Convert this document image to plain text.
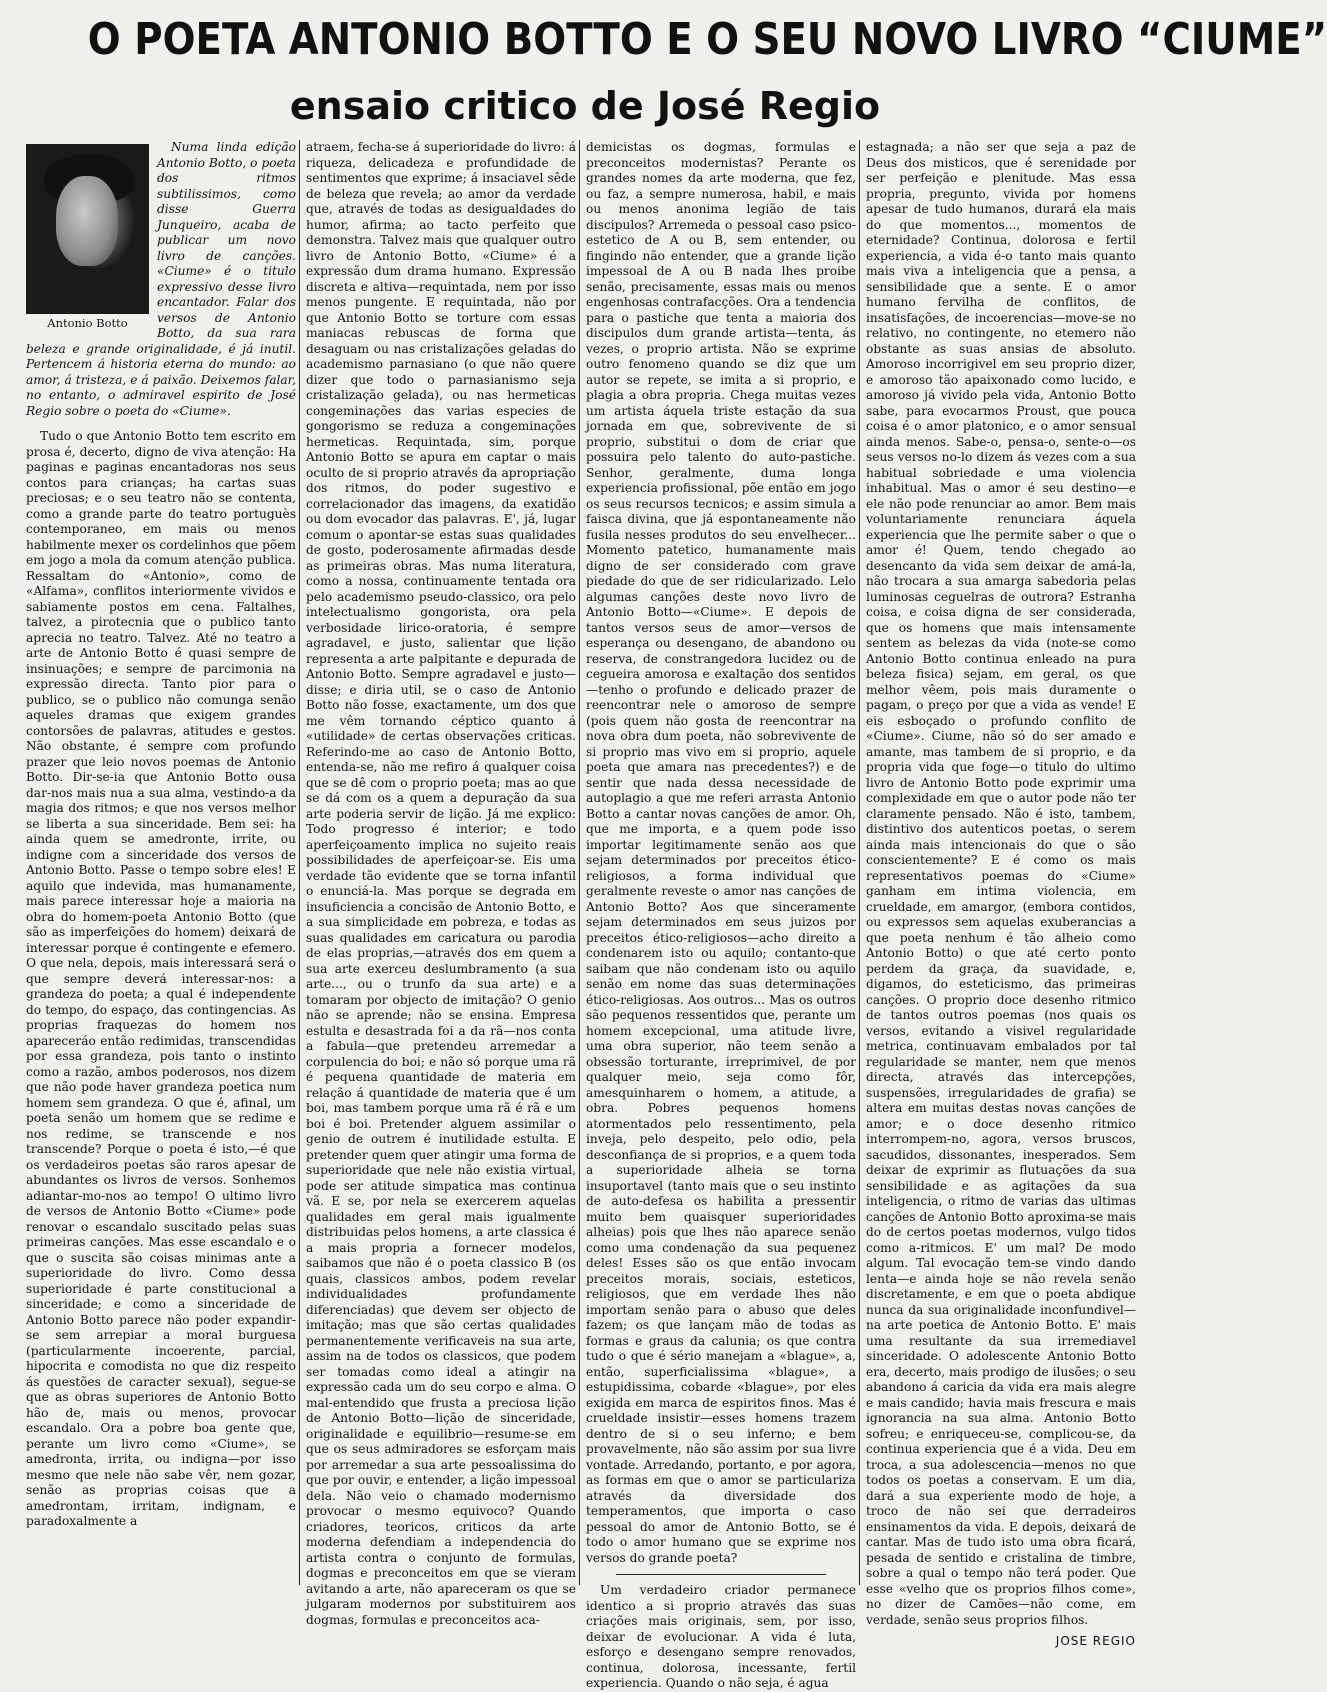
O POETA ANTONIO BOTTO E O SEU NOVO LIVRO “CIUME”
ensaio critico de José Regio
Antonio Botto

Numa linda edição Antonio Botto, o poeta dos ritmos subtilissimos, como disse Guerra Junqueiro, acaba de publicar um novo livro de canções. «Ciume» é o titulo expressivo desse livro encantador. Falar dos versos de Antonio Botto, da sua rara beleza e grande originalidade, é já inutil. Pertencem á historia eterna do mundo: ao amor, á tristeza, e á paixão. Deixemos falar, no entanto, o admiravel espirito de José Regio sobre o poeta do «Ciume».

Tudo o que Antonio Botto tem escrito em prosa é, decerto, digno de viva atenção: Ha paginas e paginas encantadoras nos seus contos para crianças; ha cartas suas preciosas; e o seu teatro não se contenta, como a grande parte do teatro portuguès contemporaneo, em mais ou menos habilmente mexer os cordelinhos que põem em jogo a mola da comum atenção publica. Ressaltam do «Antonio», como de «Alfama», conflitos interiormente vividos e sabiamente postos em cena. Faltalhes, talvez, a pirotecnia que o publico tanto aprecia no teatro. Talvez. Até no teatro a arte de Antonio Botto é quasi sempre de insinuações; e sempre de parcimonia na expressão directa. Tanto pior para o publico, se o publico não comunga senão aqueles dramas que exigem grandes contorsões de palavras, atitudes e gestos. Não obstante, é sempre com profundo prazer que leio novos poemas de Antonio Botto. Dir-se-ia que Antonio Botto ousa dar-nos mais nua a sua alma, vestindo-a da magia dos ritmos; e que nos versos melhor se liberta a sua sinceridade. Bem sei: ha ainda quem se amedronte, irrite, ou indigne com a sinceridade dos versos de Antonio Botto. Passe o tempo sobre eles! E aquilo que indevida, mas humanamente, mais parece interessar hoje a maioria na obra do homem-poeta Antonio Botto (que são as imperfeições do homem) deixará de interessar porque é contingente e efemero. O que nela, depois, mais interessará será o que sempre deverá interessar-nos: a grandeza do poeta; a qual é independente do tempo, do espaço, das contingencias. As proprias fraquezas do homem nos apareceráo então redimidas, transcendidas por essa grandeza, pois tanto o instinto como a razão, ambos poderosos, nos dizem que não pode haver grandeza poetica num homem sem grandeza. O que é, afinal, um poeta senão um homem que se redime e nos redime, se transcende e nos transcende? Porque o poeta é isto,—é que os verdadeiros poetas são raros apesar de abundantes os livros de versos. Sonhemos adiantar-mo-nos ao tempo! O ultimo livro de versos de Antonio Botto «Ciume» pode renovar o escandalo suscitado pelas suas primeiras canções. Mas esse escandalo e o que o suscita são coisas minimas ante a superioridade do livro. Como dessa superioridade é parte constitucional a sinceridade; e como a sinceridade de Antonio Botto parece não poder expandir-se sem arrepiar a moral burguesa (particularmente incoerente, parcial, hipocrita e comodista no que diz respeito ás questões de caracter sexual), segue-se que as obras superiores de Antonio Botto hão de, mais ou menos, provocar escandalo. Ora a pobre boa gente que, perante um livro como «Ciume», se amedronta, irrita, ou indigna—por isso mesmo que nele não sabe vêr, nem gozar, senão as proprias coisas que a amedrontam, irritam, indignam, e paradoxalmente a

atraem, fecha-se á superioridade do livro: á riqueza, delicadeza e profundidade de sentimentos que exprime; á insaciavel sêde de beleza que revela; ao amor da verdade que, através de todas as desigualdades do humor, afirma; ao tacto perfeito que demonstra. Talvez mais que qualquer outro livro de Antonio Botto, «Ciume» é a expressão dum drama humano. Expressão discreta e altiva—requintada, nem por isso menos pungente. E requintada, não por que Antonio Botto se torture com essas maniacas rebuscas de forma que desaguam ou nas cristalizações geladas do academismo parnasiano (o que não quere dizer que todo o parnasianismo seja cristalização gelada), ou nas hermeticas congeminações das varias especies de gongorismo se reduza a congeminações hermeticas. Requintada, sim, porque Antonio Botto se apura em captar o mais oculto de si proprio através da apropriação dos ritmos, do poder sugestivo e correlacionador das imagens, da exatidão ou dom evocador das palavras. E', já, lugar comum o apontar-se estas suas qualidades de gosto, poderosamente afirmadas desde as primeiras obras. Mas numa literatura, como a nossa, continuamente tentada ora pelo academismo pseudo-classico, ora pelo intelectualismo gongorista, ora pela verbosidade lirico-oratoria, é sempre agradavel, e justo, salientar que lição representa a arte palpitante e depurada de Antonio Botto. Sempre agradavel e justo—disse; e diria util, se o caso de Antonio Botto não fosse, exactamente, um dos que me vêm tornando céptico quanto á «utilidade» de certas observações criticas. Referindo-me ao caso de Antonio Botto, entenda-se, não me refiro á qualquer coisa que se dê com o proprio poeta; mas ao que se dá com os a quem a depuração da sua arte poderia servir de lição. Já me explico: Todo progresso é interior; e todo aperfeiçoamento implica no sujeito reais possibilidades de aperfeiçoar-se. Eis uma verdade tão evidente que se torna infantil o enunciá-la. Mas porque se degrada em insuficiencia a concisão de Antonio Botto, e a sua simplicidade em pobreza, e todas as suas qualidades em caricatura ou parodia de elas proprias,—através dos em quem a sua arte exerceu deslumbramento (a sua arte..., ou o trunfo da sua arte) e a tomaram por objecto de imitação? O genio não se aprende; não se ensina. Empresa estulta e desastrada foi a da rã—nos conta a fabula—que pretendeu arremedar a corpulencia do boi; e não só porque uma rã é pequena quantidade de materia em relação á quantidade de materia que é um boi, mas tambem porque uma rã é rã e um boi é boi. Pretender alguem assimilar o genio de outrem é inutilidade estulta. E pretender quem quer atingir uma forma de superioridade que nele não existia virtual, pode ser atitude simpatica mas continua vã. E se, por nela se exercerem aquelas qualidades em geral mais igualmente distribuidas pelos homens, a arte classica é a mais propria a fornecer modelos, saibamos que não é o poeta classico B (os quais, classicos ambos, podem revelar individualidades profundamente diferenciadas) que devem ser objecto de imitação; mas que são certas qualidades permanentemente verificaveis na sua arte, assim na de todos os classicos, que podem ser tomadas como ideal a atingir na expressão cada um do seu corpo e alma. O mal-entendido que frusta a preciosa lição de Antonio Botto—lição de sinceridade, originalidade e equilibrio—resume-se em que os seus admiradores se esforçam mais por arremedar a sua arte pessoalissima do que por ouvir, e entender, a lição impessoal dela. Não veio o chamado modernismo provocar o mesmo equivoco? Quando criadores, teoricos, criticos da arte moderna defendiam a independencia do artista contra o conjunto de formulas, dogmas e preconceitos em que se vieram avitando a arte, não apareceram os que se julgaram modernos por substituirem aos dogmas, formulas e preconceitos aca-

demicistas os dogmas, formulas e preconceitos modernistas? Perante os grandes nomes da arte moderna, que fez, ou faz, a sempre numerosa, habil, e mais ou menos anonima legião de tais discipulos? Arremeda o pessoal caso psico-estetico de A ou B, sem entender, ou fingindo não entender, que a grande lição impessoal de A ou B nada lhes proibe senão, precisamente, essas mais ou menos engenhosas contrafacções. Ora a tendencia para o pastiche que tenta a maioria dos discipulos dum grande artista—tenta, ás vezes, o proprio artista. Não se exprime outro fenomeno quando se diz que um autor se repete, se imita a si proprio, e plagia a obra propria. Chega muitas vezes um artista áquela triste estação da sua jornada em que, sobrevivente de si proprio, substitui o dom de criar que possuira pelo talento do auto-pastiche. Senhor, geralmente, duma longa experiencia profissional, põe então em jogo os seus recursos tecnicos; e assim simula a faisca divina, que já espontaneamente não fusila nesses produtos do seu envelhecer... Momento pateticо, humanamente mais digno de ser considerado com grave piedade do que de ser ridicularizado. Lelo algumas canções deste novo livro de Antonio Botto—«Ciume». E depois de tantos versos seus de amor—versos de esperança ou desengano, de abandono ou reserva, de constrangedora lucidez ou de cegueira amorosa e exaltação dos sentidos—tenho o profundo e delicado prazer de reencontrar nele o amoroso de sempre (pois quem não gosta de reencontrar na nova obra dum poeta, não sobrevivente de si proprio mas vivo em si proprio, aquele poeta que amara nas precedentes?) e de sentir que nada dessa necessidade de autoplagio a que me referi arrasta Antonio Botto a cantar novas canções de amor. Oh, que me importa, e a quem pode isso importar legitimamente senão aos que sejam determinados por preceitos ético-religiosos, a forma individual que geralmente reveste o amor nas canções de Antonio Botto? Aos que sinceramente sejam determinados em seus juizos por preceitos ético-religiosos—acho direito a condenarem isto ou aquilo; contanto-que saibam que não condenam isto ou aquilo senão em nome das suas determinações ético-religiosas. Aos outros... Mas os outros são pequenos ressentidos que, perante um homem excepcional, uma atitude livre, uma obra superior, não teem senão a obsessão torturante, irreprimivel, de por qualquer meio, seja como fôr, amesquinharem o homem, a atitude, a obra. Pobres pequenos homens atormentados pelo ressentimento, pela inveja, pelo despeito, pelo odio, pela desconfiança de si proprios, e a quem toda a superioridade alheia se torna insuportavel (tanto mais que o seu instinto de auto-defesa os habilita a pressentir muito bem quaisquer superioridades alheias) pois que lhes não aparece senão como uma condenação da sua pequenez deles! Esses são os que então invocam preceitos morais, sociais, esteticos, religiosos, que em verdade lhes não importam senão para o abuso que deles fazem; os que lançam mão de todas as formas e graus da calunia; os que contra tudo o que é sério manejam a «blague», a, então, superficialissima «blague», a estupidissima, cobarde «blague», por eles exigida em marca de espiritos finos. Mas é crueldade insistir—esses homens trazem dentro de si o seu inferno; e bem provavelmente, não são assim por sua livre vontade. Arredando, portanto, e por agora, as formas em que o amor se particulariza através da diversidade dos temperamentos, que importa o caso pessoal do amor de Antonio Botto, se é todo o amor humano que se exprime nos versos do grande poeta?

Um verdadeiro criador permanece identico a si proprio através das suas criações mais originais, sem, por isso, deixar de evolucionar. A vida é luta, esforço e desengano sempre renovados, continua, dolorosa, incessante, fertil experiencia. Quando o não seja, é agua

estagnada; a não ser que seja a paz de Deus dos misticos, que é serenidade por ser perfeição e plenitude. Mas essa propria, pregunto, vivida por homens apesar de tudo humanos, durará ela mais do que momentos..., momentos de eternidade? Continua, dolorosa e fertil experiencia, a vida é-o tanto mais quanto mais viva a inteligencia que a pensa, a sensibilidade que a sente. E o amor humano fervilha de conflitos, de insatisfações, de incoerencias—move-se no relativo, no contingente, no etemero não obstante as suas ansias de absoluto. Amoroso incorrigivel em seu proprio dizer, e amoroso tão apaixonado como lucido, e amoroso já vivido pela vida, Antonio Botto sabe, para evocarmos Proust, que pouca coisa é o amor platonico, e o amor sensual ainda menos. Sabe-o, pensa-o, sente-o—os seus versos no-lo dizem ás vezes com a sua habitual sobriedade e uma violencia inhabitual. Mas o amor é seu destino—e ele não pode renunciar ao amor. Bem mais voluntariamente renunciara áquela experiencia que lhe permite saber o que o amor é! Quem, tendo chegado ao desencanto da vida sem deixar de amá-la, não trocara a sua amarga sabedoria pelas luminosas ceguelras de outrora? Estranha coisa, e coisa digna de ser considerada, que os homens que mais intensamente sentem as belezas da vida (note-se como Antonio Botto continua enleado na pura beleza fisica) sejam, em geral, os que melhor vêem, pois mais duramente o pagam, o preço por que a vida as vende! E eis esboçado o profundo conflito de «Ciume». Ciume, não só do ser amado e amante, mas tambem de si proprio, e da propria vida que foge—o titulo do ultimo livro de Antonio Botto pode exprimir uma complexidade em que o autor pode não ter claramente pensado. Não é isto, tambem, distintivo dos autenticos poetas, o serem ainda mais intencionais do que o são conscientemente? E é como os mais representativos poemas do «Ciume» ganham em intima violencia, em crueldade, em amargor, (embora contidos, ou expressos sem aquelas exuberancias a que poeta nenhum é tão alheio como Antonio Botto) o que até certo ponto perdem da graça, da suavidade, e, digamos, do esteticismo, das primeiras canções. O proprio doce desenho ritmico de tantos outros poemas (nos quais os versos, evitando a visivel regularidade metrica, continuavam embalados por tal regularidade se manter, nem que menos directa, através das intercepções, suspensões, irregularidades de grafia) se altera em muitas destas novas canções de amor; e o doce desenho ritmico interrompem-no, agora, versos bruscos, sacudidos, dissonantes, inesperados. Sem deixar de exprimir as flutuações da sua sensibilidade e as agitações da sua inteligencia, o ritmo de varias das ultimas canções de Antonio Botto aproxima-se mais do de certos poetas modernos, vulgo tidos como a-ritmicos. E' um mal? De modo algum. Tal evocação tem-se vindo dando lenta—e ainda hoje se não revela senão discretamente, e em que o poeta abdique nunca da sua originalidade inconfundivel—na arte poetica de Antonio Botto. E' mais uma resultante da sua irremediavel sinceridade. O adolescente Antonio Botto era, decerto, mais prodigo de ilusões; o seu abandono á caricia da vida era mais alegre e mais candido; havia mais frescura e mais ignorancia na sua alma. Antonio Botto sofreu; e enriqueceu-se, complicou-se, da continua experiencia que é a vida. Deu em troca, a sua adolescencia—menos no que todos os poetas a conservam. E um dia, dará a sua experiente modo de hoje, a troco de não sei que derradeiros ensinamentos da vida. E depois, deixará de cantar. Mas de tudo isto uma obra ficará, pesada de sentido e cristalina de timbre, sobre a qual o tempo não terá poder. Que esse «velho que os proprios filhos come», no dizer de Camões—não come, em verdade, senão seus proprios filhos.

JOSE REGIO
